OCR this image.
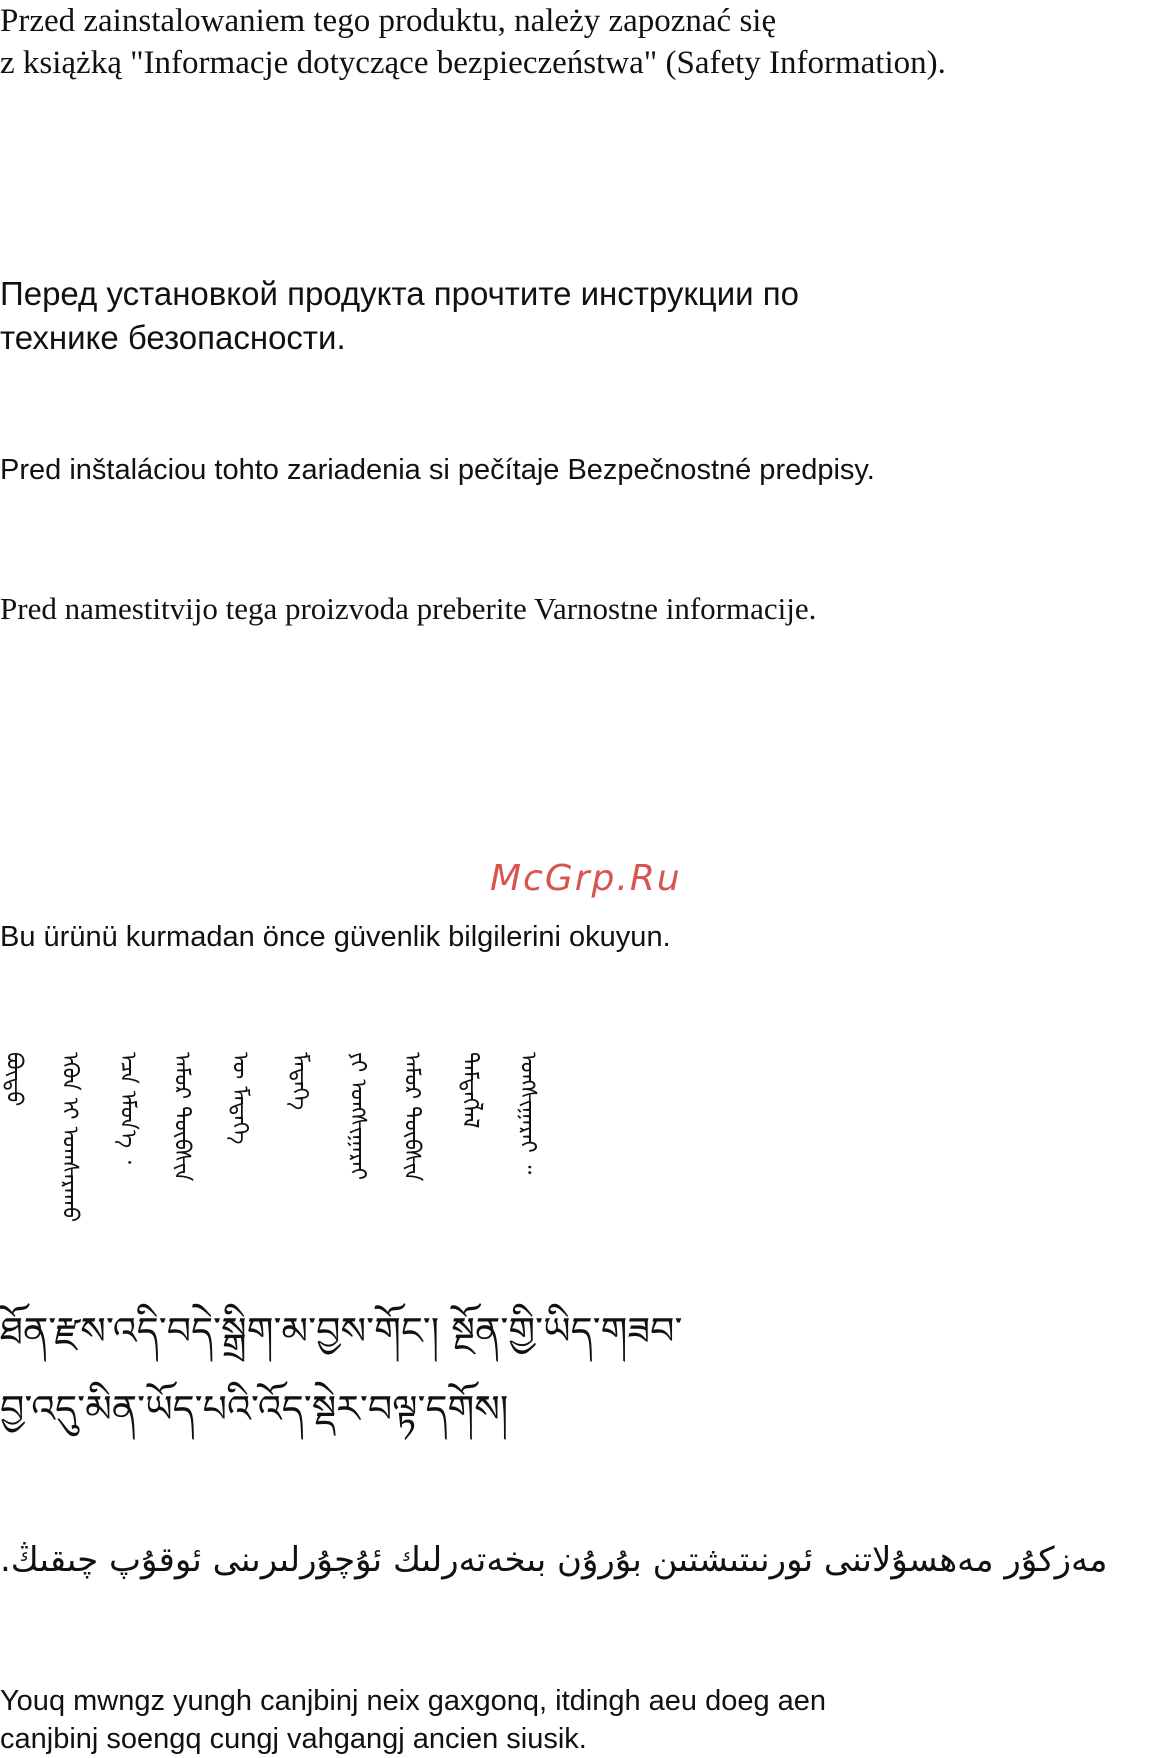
Przed zainstalowaniem tego produktu, należy zapoznać się
z książką "Informacje dotyczące bezpieczeństwa" (Safety Information).
Перед установкой продукта прочтите инструкции по
технике безопасности.
Pred inštaláciou tohto zariadenia si pečítaje Bezpečnostné predpisy.
Pred namestitvijo tega proizvoda preberite Varnostne informacije.
McGrp.Ru
Bu ürünü kurmadan önce güvenlik bilgilerini okuyun.
ᠪᠦᠲᠦ ᠡᠭᠦᠨ ᠢ ᠤᠭᠰᠠᠷᠠᠬᠤ ᠡᠴᠡ ᠡᠮᠦᠨ᠎ᠡ ᠂ ᠠᠮᠤᠷ ᠲᠦᠪᠰᠢᠨ ᠦ ᠮᠡᠳᠡᠭᠡ ᠮᠡᠳᠡᠭᠡ ᠶᠢ ᠤᠩᠰᠢᠭᠠᠷᠠᠢ ᠠᠮᠤᠷ ᠲᠦᠪᠰᠢᠨ ᠲᠡᠮᠳᠡᠭᠯᠡᠯ ᠤᠩᠰᠢᠭᠠᠷᠠᠢ ᠃
ཐོན་རྫས་འདི་བདེ་སྒྲིག་མ་བྱས་གོང་། སྔོན་གྱི་ཡིད་གཟབ་
བྱ་འདུ་མིན་ཡོད་པའི་འོད་སྡེར་བལྟ་དགོས།
مەزكۇر مەھسۇلاتنى ئورنىتىشتىن بۇرۇن بىخەتەرلىك ئۇچۇرلىرىنى ئوقۇپ چىقىڭ.
Youq mwngz yungh canjbinj neix gaxgonq, itdingh aeu doeg aen
canjbinj soengq cungj vahgangj ancien siusik.
